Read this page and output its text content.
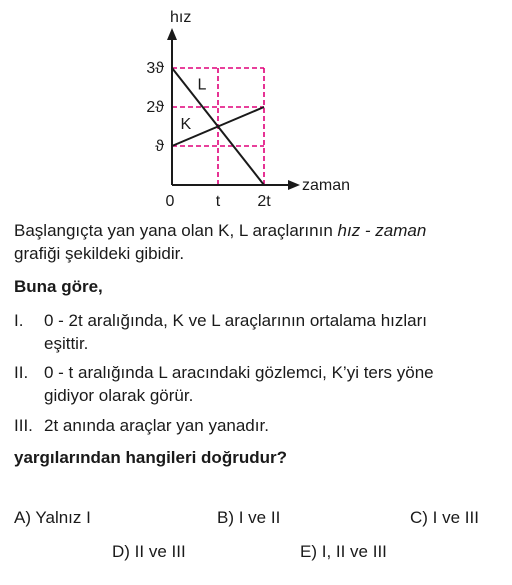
hız
zaman
0	t 2t
ϑ
2ϑ
3ϑ
L
K
Başlangıçta yan yana olan K, L araçlarının hız - zaman
grafiği şekildeki gibidir.
Buna göre,
I. 0 - 2t aralığında, K ve L araçlarının ortalama hızları
eşittir.
II. 0 - t aralığında L aracındaki gözlemci, K’yi ters yöne
gidiyor olarak görür.
III. 2t anında araçlar yan yanadır.
yargılarından hangileri doğrudur?
A) Yalnız I	B) I ve II	C) I ve III
D) II ve III	E) I, II ve III
